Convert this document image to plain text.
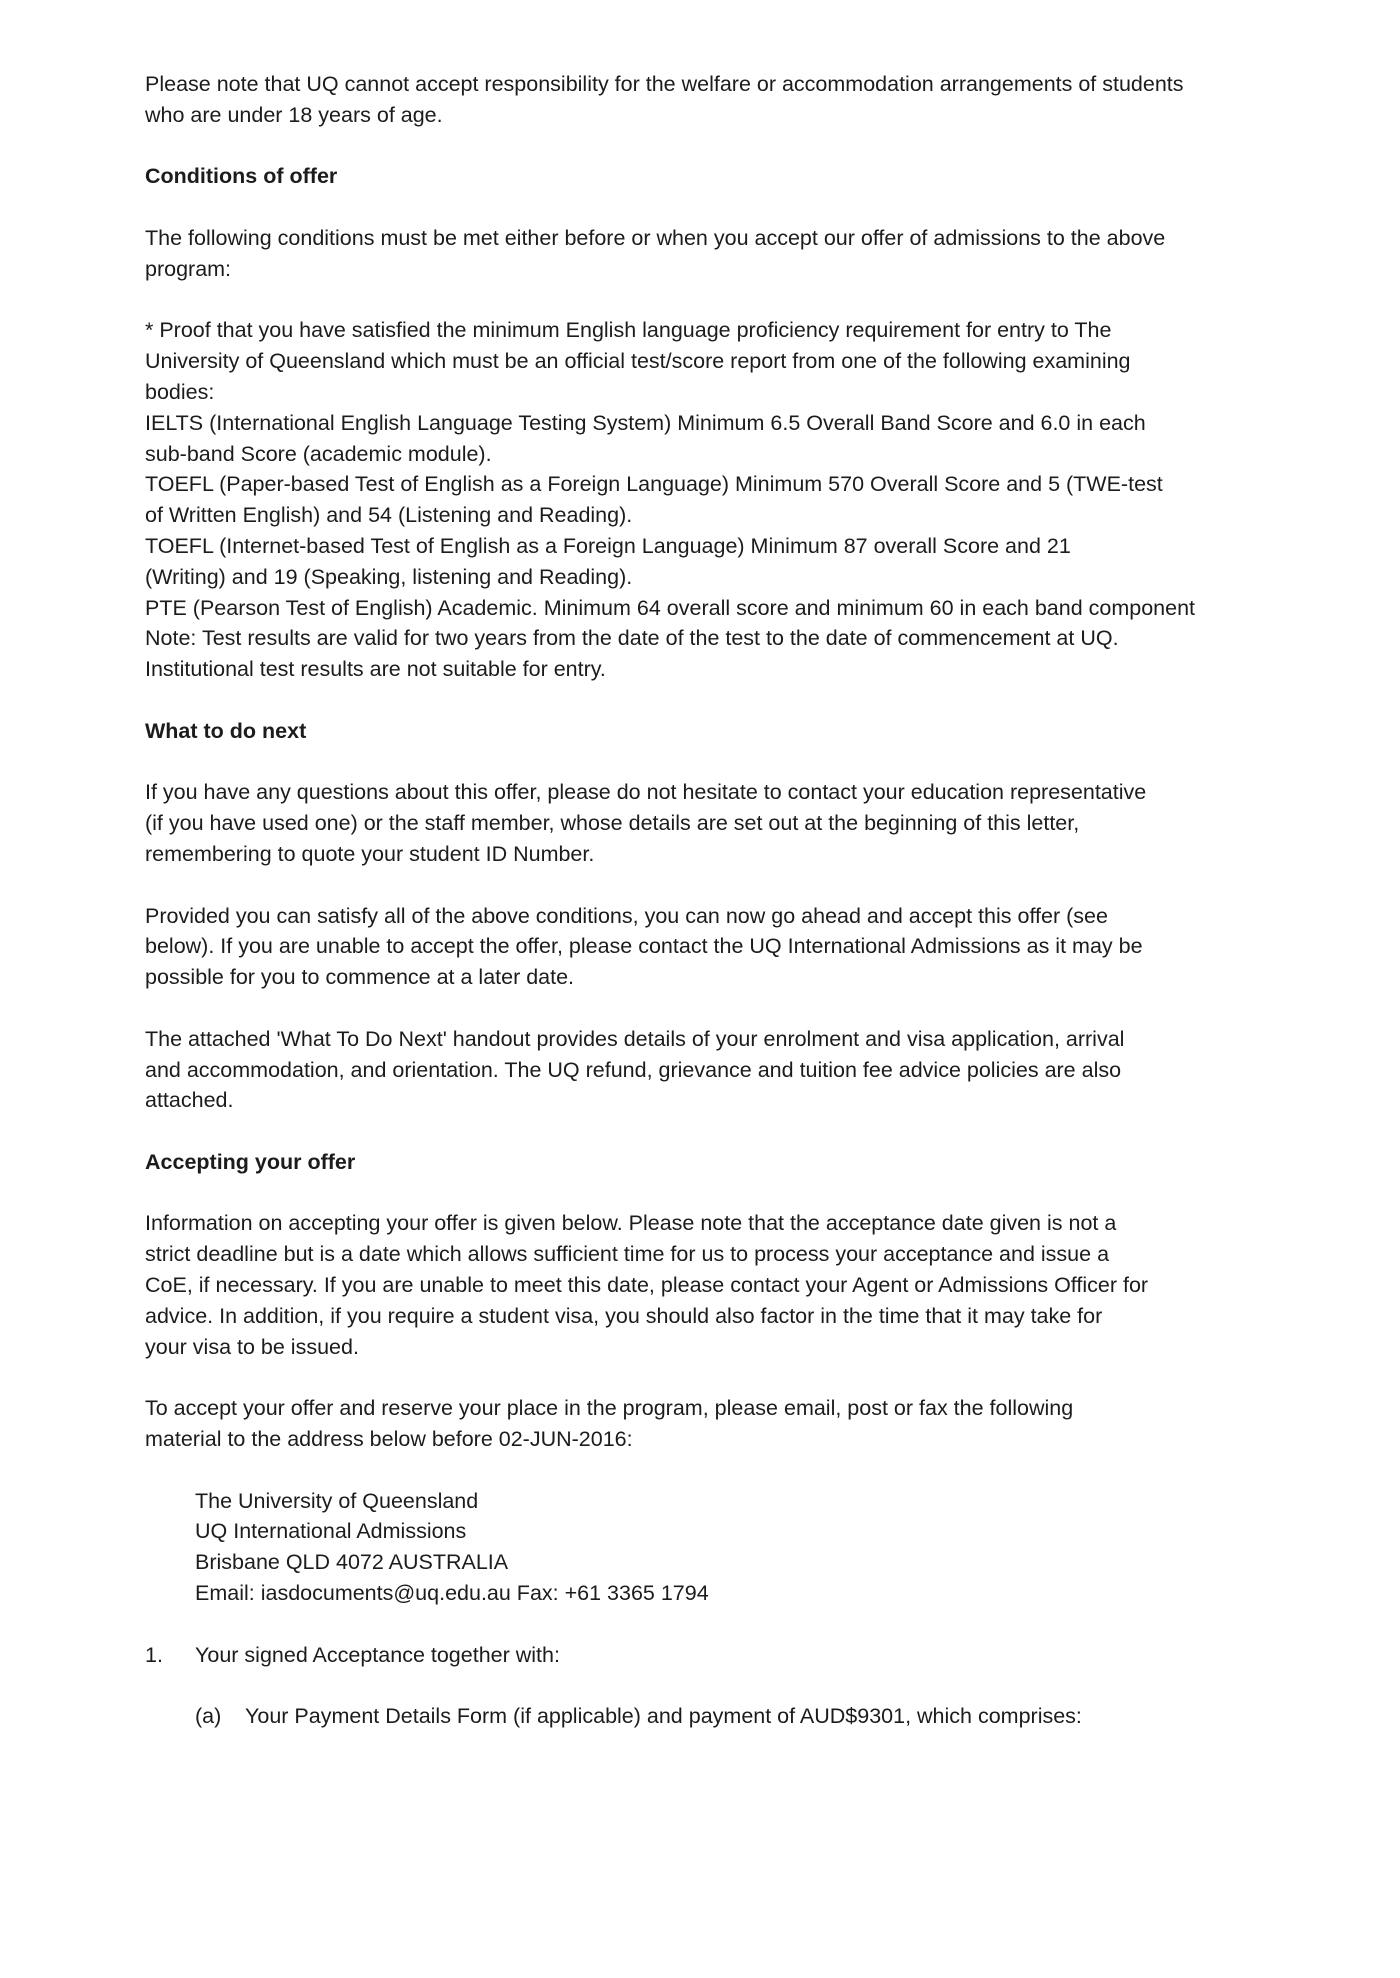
Please note that UQ cannot accept responsibility for the welfare or accommodation arrangements of students

who are under 18 years of age.

Conditions of offer

The following conditions must be met either before or when you accept our offer of admissions to the above

program:

* Proof that you have satisfied the minimum English language proficiency requirement for entry to The

University of Queensland which must be an official test/score report from one of the following examining

bodies:

IELTS (International English Language Testing System) Minimum 6.5 Overall Band Score and 6.0 in each

sub-band Score (academic module).

TOEFL (Paper-based Test of English as a Foreign Language) Minimum 570 Overall Score and 5 (TWE-test

of Written English) and 54 (Listening and Reading).

TOEFL (Internet-based Test of English as a Foreign Language) Minimum 87 overall Score and 21

(Writing) and 19 (Speaking, listening and Reading).

PTE (Pearson Test of English) Academic. Minimum 64 overall score and minimum 60 in each band component

Note: Test results are valid for two years from the date of the test to the date of commencement at UQ.

Institutional test results are not suitable for entry.

What to do next

If you have any questions about this offer, please do not hesitate to contact your education representative

(if you have used one) or the staff member, whose details are set out at the beginning of this letter,

remembering to quote your student ID Number.

Provided you can satisfy all of the above conditions, you can now go ahead and accept this offer (see

below). If you are unable to accept the offer, please contact the UQ International Admissions as it may be

possible for you to commence at a later date.

The attached 'What To Do Next' handout provides details of your enrolment and visa application, arrival

and accommodation, and orientation. The UQ refund, grievance and tuition fee advice policies are also

attached.

Accepting your offer

Information on accepting your offer is given below. Please note that the acceptance date given is not a

strict deadline but is a date which allows sufficient time for us to process your acceptance and issue a

CoE, if necessary. If you are unable to meet this date, please contact your Agent or Admissions Officer for

advice. In addition, if you require a student visa, you should also factor in the time that it may take for

your visa to be issued.

To accept your offer and reserve your place in the program, please email, post or fax the following

material to the address below before 02-JUN-2016:

The University of Queensland

UQ International Admissions

Brisbane QLD 4072 AUSTRALIA

Email: iasdocuments@uq.edu.au Fax: +61 3365 1794

1.	Your signed Acceptance together with:
(a)	Your Payment Details Form (if applicable) and payment of AUD$9301, which comprises:
